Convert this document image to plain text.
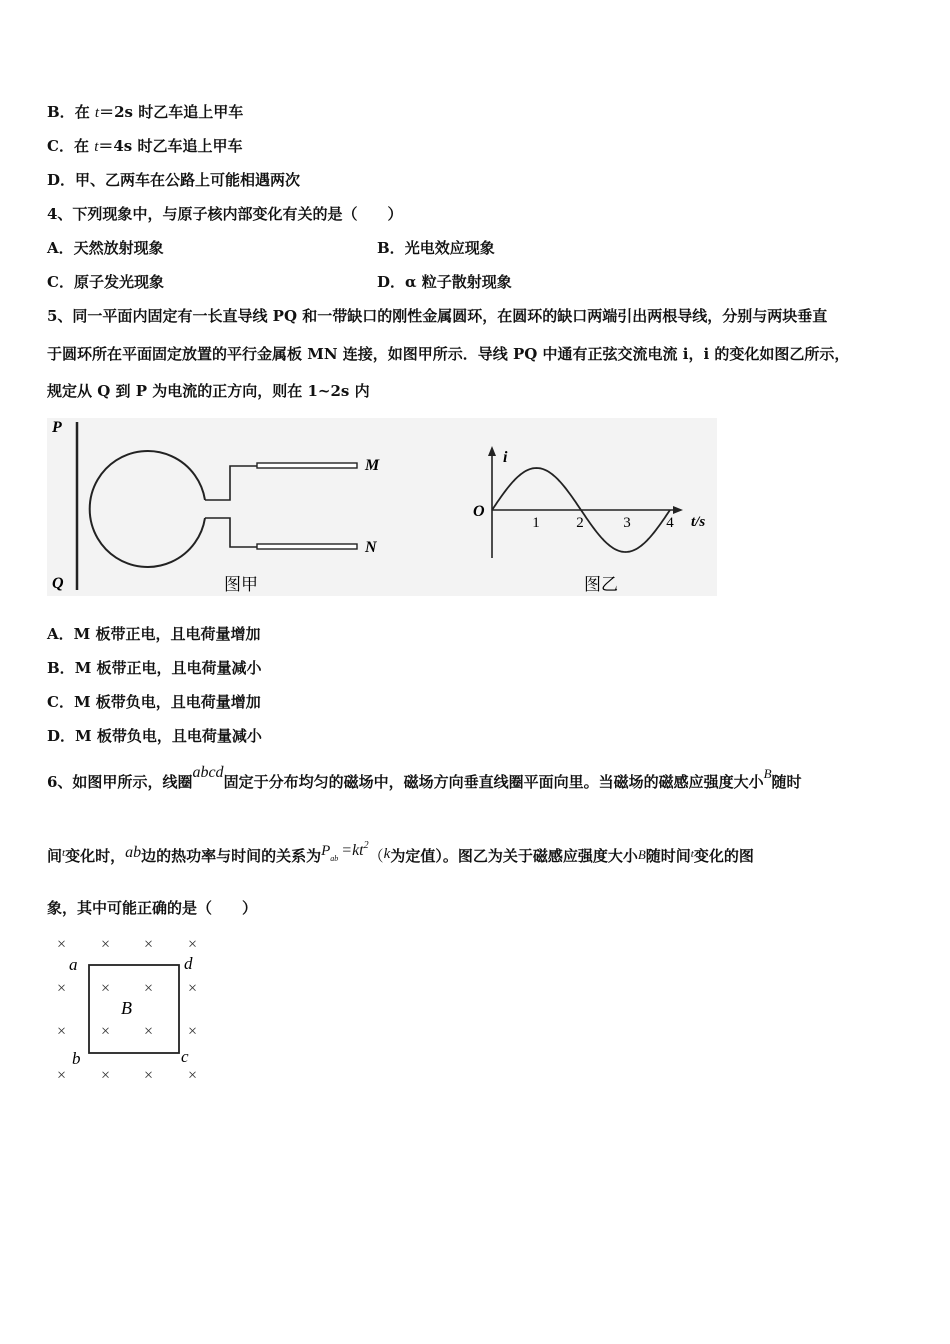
B．在 t＝2s 时乙车追上甲车
C．在 t＝4s 时乙车追上甲车
D．甲、乙两车在公路上可能相遇两次
4、下列现象中，与原子核内部变化有关的是（　　）
A．天然放射现象	B．光电效应现象
C．原子发光现象	D．α 粒子散射现象
5、同一平面内固定有一长直导线 PQ 和一带缺口的刚性金属圆环，在圆环的缺口两端引出两根导线，分别与两块垂直
于圆环所在平面固定放置的平行金属板 MN 连接，如图甲所示．导线 PQ 中通有正弦交流电流 i，i 的变化如图乙所示，
规定从 Q 到 P 为电流的正方向，则在 1~2s 内
P
Q
M
N
图甲
i
O
t/s
1 2	3 4
图乙
A．M 板带正电，且电荷量增加
B．M 板带正电，且电荷量减小
C．M 板带负电，且电荷量增加
D．M 板带负电，且电荷量减小
6、如图甲所示，线圈abcd固定于分布均匀的磁场中，磁场方向垂直线圈平面向里。当磁场的磁感应强度大小B随时
间$^t$变化时，ab边的热功率与时间的关系为$P_{ab} =kt^2(k$为定值）。图乙为关于磁感应强度大小B随时间$^t$变化的图
象，其中可能正确的是（　　）
× × × ×
× × × ×
× × × ×
× × × ×
a	d
b	c
B
